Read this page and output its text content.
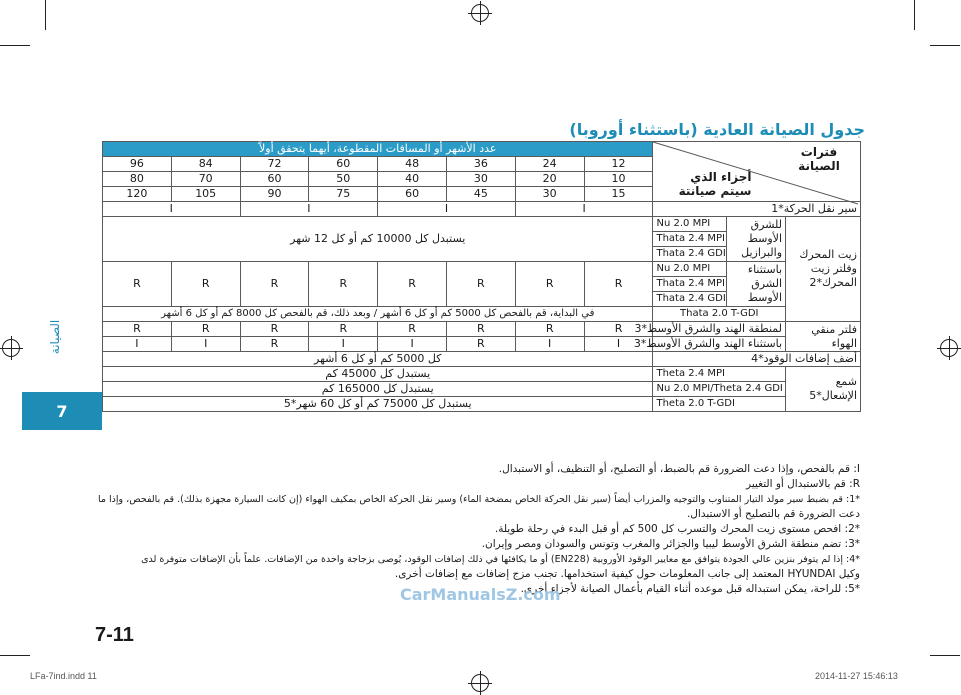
جدول الصيانة العادية (باستثناء أوروبا)
الصيانة
7
عدد الأشهر أو المسافات المقطوعة، أيهما يتحقق أولاً								فترات الصيانة
أجزاء الذي سيتم صيانتة		

96	84	72	60	48	36	24	12			
80	70	60	50	40	30	20	10			
120	105	90	75	60	45	30	15			
I		I		I		I		سير نقل الحركة*1		
يستبدل كل 10000 كم أو كل 12 شهر								Nu 2.0 MPI	للشرق الأوسط والبرازيل	زيت المحرك وفلتر زيت المحرك*2
								Thata 2.4 MPI		
								Thata 2.4 GDI		
R	R	R	R	R	R	R	R	Nu 2.0 MPI	باستثناء الشرق الأوسط	
								Thata 2.4 MPI		
								Thata 2.4 GDI		
في البداية، قم بالفحص كل 5000 كم أو كل 6 أشهر / وبعد ذلك، قم بالفحص كل 8000 كم أو كل 6 أشهر								Thata 2.0 T-GDI		
R	R	R	R	R	R	R	R	لمنطقة الهند والشرق الأوسط*3		فلتر منقي الهواء
I	I	R	I	I	R	I	I	باستثناء الهند والشرق الأوسط*3		
كل 5000 كم أو كل 6 أشهر								أضف إضافات الوقود*4		
يستبدل كل 45000 كم								Theta 2.4 MPI		شمع الإشعال*5
يستبدل كل 165000 كم								Nu 2.0 MPI/Theta 2.4 GDI		
يستبدل كل 75000 كم أو كل 60 شهر*5								Theta 2.0 T-GDI		
I: قم بالفحص، وإذا دعت الضرورة قم بالضبط، أو التصليح، أو التنظيف، أو الاستبدال.
R: قم بالاستبدال أو التغيير
*1: قم بضبط سير مولد التيار المتناوب والتوجيه والمزراب أيضاً (سير نقل الحركة الخاص بمضخة الماء) وسير نقل الحركة الخاص بمكيف الهواء (إن كانت السيارة مجهزة بذلك). قم بالفحص، وإذا ما
دعت الضرورة قم بالتصليح أو الاستبدال.
*2: افحص مستوى زيت المحرك والتسرب كل 500 كم أو قبل البدء في رحلة طويلة.
*3: تضم منطقة الشرق الأوسط ليبيا والجزائر والمغرب وتونس والسودان ومصر وإيران.
*4: إذا لم يتوفر بنزين عالي الجودة يتوافق مع معايير الوقود الأوروبية (EN228) أو ما يكافئها في ذلك إضافات الوقود، يُوصى بزجاجة واحدة من الإضافات. علماً بأن الإضافات متوفرة لدى
وكيل HYUNDAI المعتمد إلى جانب المعلومات حول كيفية استخدامها. تجنب مزج إضافات مع إضافات أخرى.
*5: للراحة، يمكن استبداله قبل موعده أثناء القيام بأعمال الصيانة لأجزاء أخرى.
CarManualsZ.com
7-11
LFa-7ind.indd 11	2014-11-27 15:46:13
